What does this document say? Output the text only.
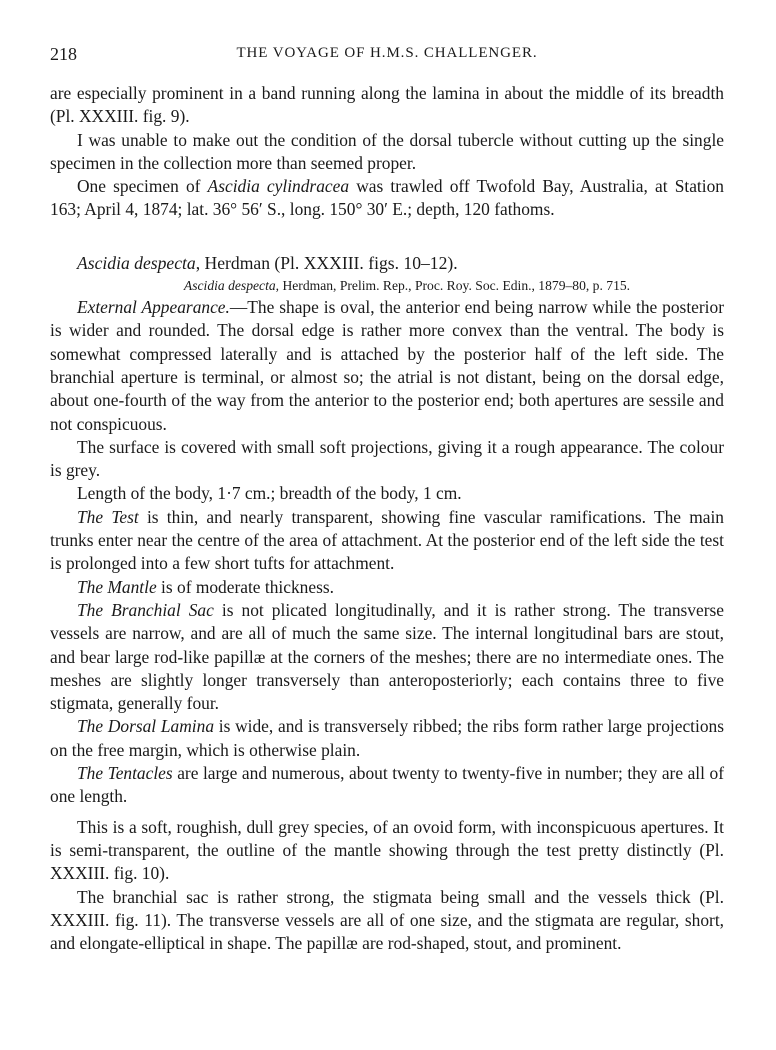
218	THE VOYAGE OF H.M.S. CHALLENGER.

are especially prominent in a band running along the lamina in about the middle of its breadth (Pl. XXXIII. fig. 9).

I was unable to make out the condition of the dorsal tubercle without cutting up the single specimen in the collection more than seemed proper.

One specimen of Ascidia cylindracea was trawled off Twofold Bay, Australia, at Station 163; April 4, 1874; lat. 36° 56′ S., long. 150° 30′ E.; depth, 120 fathoms.

Ascidia despecta, Herdman (Pl. XXXIII. figs. 10–12).

Ascidia despecta, Herdman, Prelim. Rep., Proc. Roy. Soc. Edin., 1879–80, p. 715.

External Appearance.—The shape is oval, the anterior end being narrow while the posterior is wider and rounded. The dorsal edge is rather more convex than the ventral. The body is somewhat compressed laterally and is attached by the posterior half of the left side. The branchial aperture is terminal, or almost so; the atrial is not distant, being on the dorsal edge, about one-fourth of the way from the anterior to the posterior end; both apertures are sessile and not conspicuous.

The surface is covered with small soft projections, giving it a rough appearance. The colour is grey.

Length of the body, 1·7 cm.; breadth of the body, 1 cm.

The Test is thin, and nearly transparent, showing fine vascular ramifications. The main trunks enter near the centre of the area of attachment. At the posterior end of the left side the test is prolonged into a few short tufts for attachment.

The Mantle is of moderate thickness.

The Branchial Sac is not plicated longitudinally, and it is rather strong. The transverse vessels are narrow, and are all of much the same size. The internal longitudinal bars are stout, and bear large rod-like papillæ at the corners of the meshes; there are no intermediate ones. The meshes are slightly longer transversely than anteroposteriorly; each contains three to five stigmata, generally four.

The Dorsal Lamina is wide, and is transversely ribbed; the ribs form rather large projections on the free margin, which is otherwise plain.

The Tentacles are large and numerous, about twenty to twenty-five in number; they are all of one length.

This is a soft, roughish, dull grey species, of an ovoid form, with inconspicuous apertures. It is semi-transparent, the outline of the mantle showing through the test pretty distinctly (Pl. XXXIII. fig. 10).

The branchial sac is rather strong, the stigmata being small and the vessels thick (Pl. XXXIII. fig. 11). The transverse vessels are all of one size, and the stigmata are regular, short, and elongate-elliptical in shape. The papillæ are rod-shaped, stout, and prominent.
